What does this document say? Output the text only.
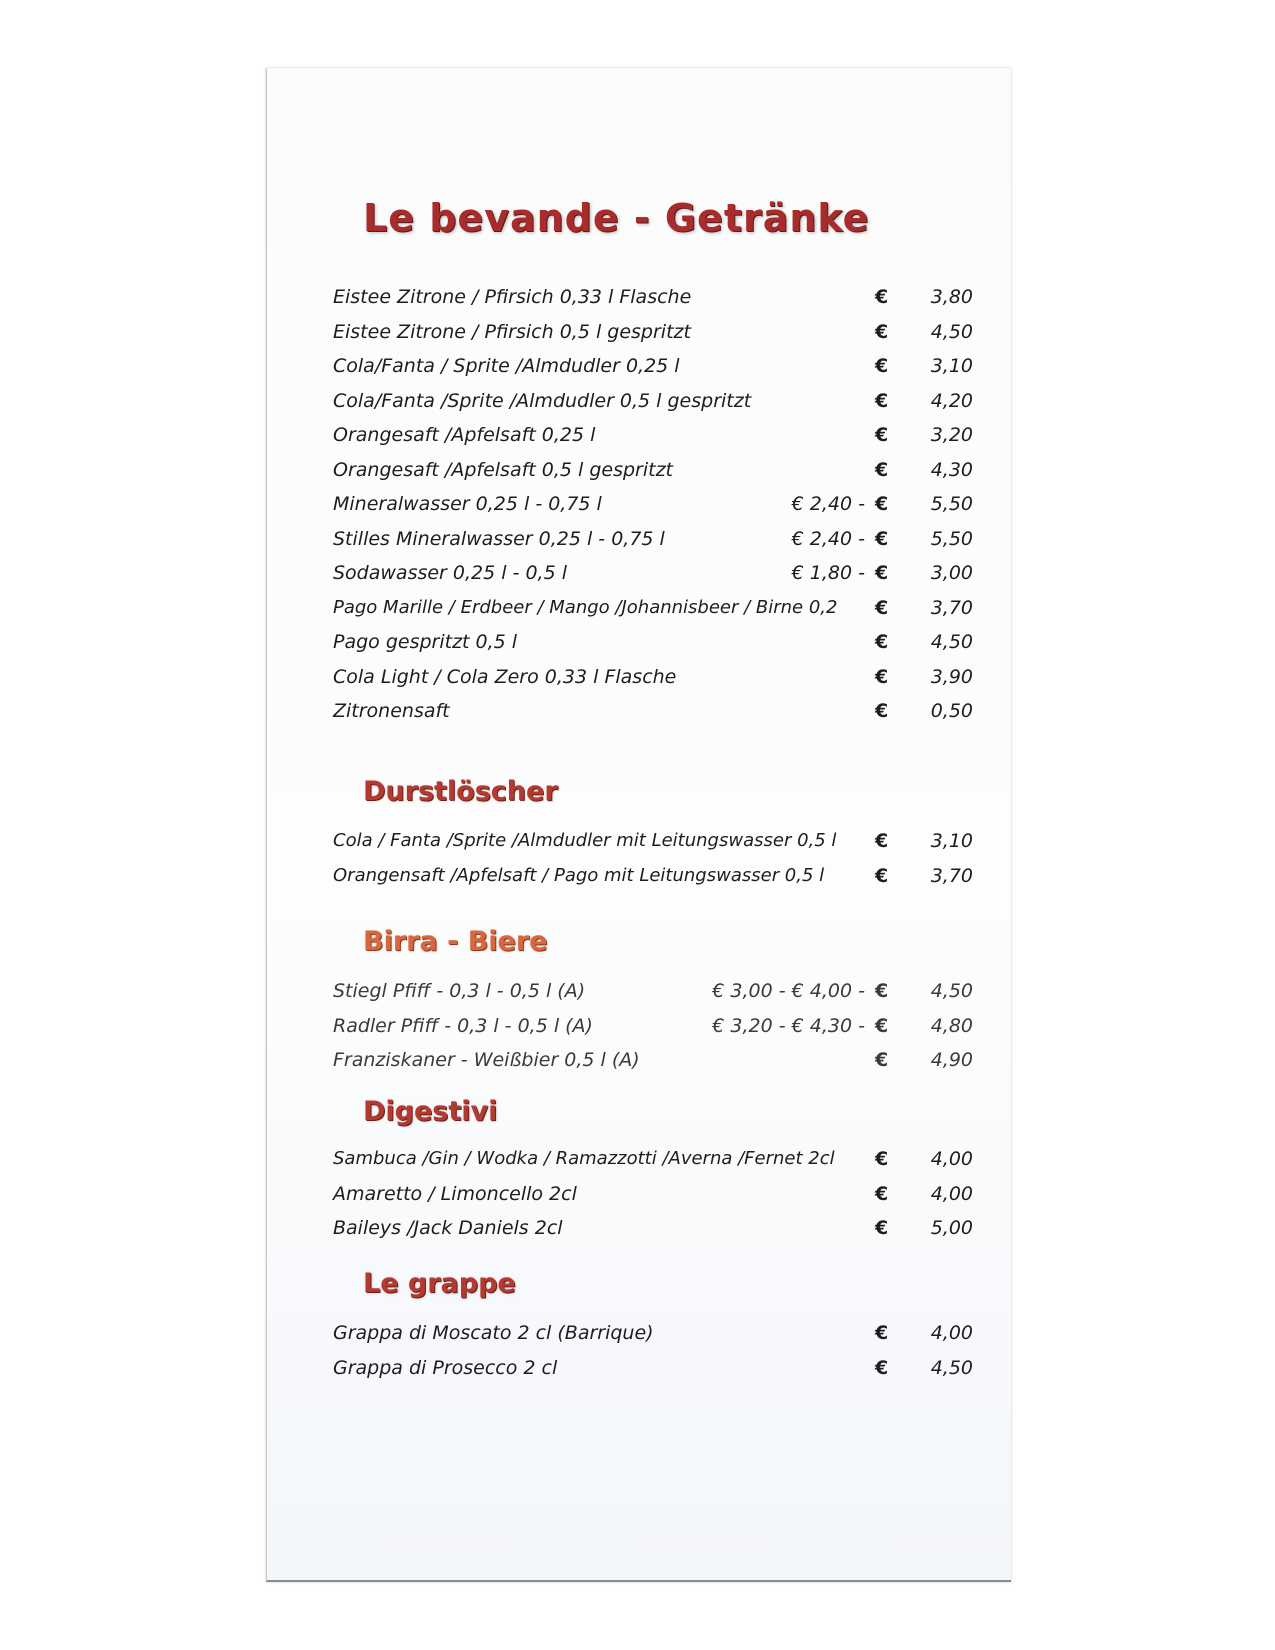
Le bevande - Getränke
Eistee Zitrone / Pfirsich 0,33 l Flasche	€	3,80
Eistee Zitrone / Pfirsich 0,5 l gespritzt	€	4,50
Cola/Fanta / Sprite /Almdudler 0,25 l	€	3,10
Cola/Fanta /Sprite /Almdudler 0,5 l gespritzt	€	4,20
Orangesaft /Apfelsaft 0,25 l	€	3,20
Orangesaft /Apfelsaft 0,5 l gespritzt	€	4,30
Mineralwasser 0,25 l - 0,75 l	€ 2,40 - €	5,50
Stilles Mineralwasser 0,25 l - 0,75 l	€ 2,40 - €	5,50
Sodawasser 0,25 l - 0,5 l	€ 1,80 - €	3,00
Pago Marille / Erdbeer / Mango /Johannisbeer / Birne 0,2 €	3,70
Pago gespritzt 0,5 l	€	4,50
Cola Light / Cola Zero 0,33 l Flasche	€	3,90
Zitronensaft	€	0,50
Durstlöscher
Cola / Fanta /Sprite /Almdudler mit Leitungswasser 0,5 l €	3,10
Orangensaft /Apfelsaft / Pago mit Leitungswasser 0,5 l	€	3,70
Birra - Biere
Stiegl Pfiff - 0,3 l - 0,5 l (A)	€ 3,00 - € 4,00 - €	4,50
Radler Pfiff - 0,3 l - 0,5 l (A)	€ 3,20 - € 4,30 - €	4,80
Franziskaner - Weißbier 0,5 l (A)	€	4,90
Digestivi
Sambuca /Gin / Wodka / Ramazzotti /Averna /Fernet 2cl €	4,00
Amaretto / Limoncello 2cl	€	4,00
Baileys /Jack Daniels 2cl	€	5,00
Le grappe
Grappa di Moscato 2 cl (Barrique)	€	4,00
Grappa di Prosecco 2 cl	€	4,50
